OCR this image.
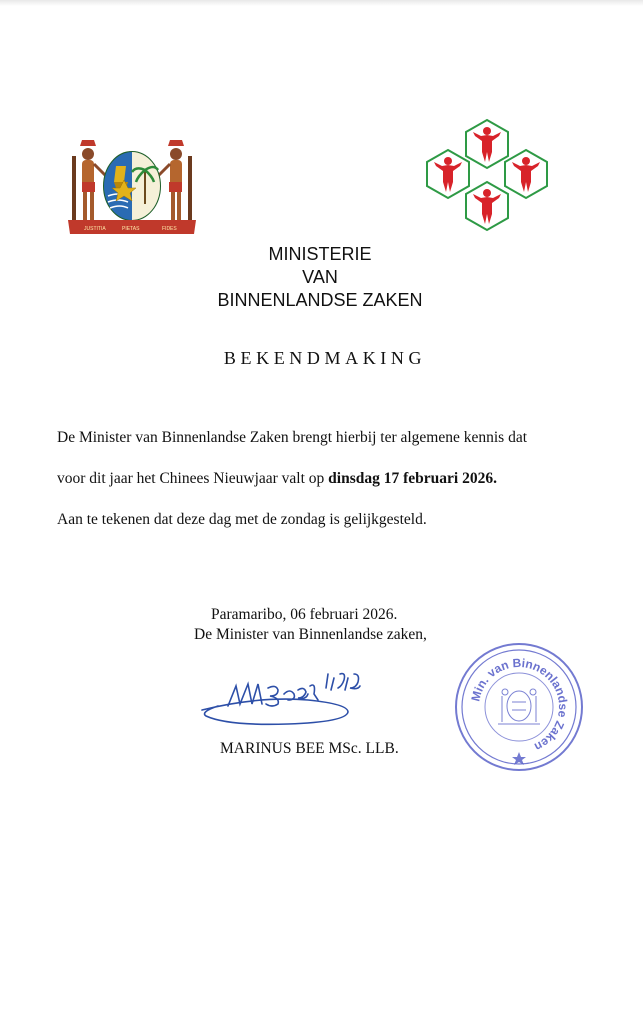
JUSTITIA	PIETAS	FIDES
MINISTERIE
VAN
BINNENLANDSE ZAKEN
BEKENDMAKING
De Minister van Binnenlandse Zaken brengt hierbij ter algemene kennis dat
voor dit jaar het Chinees Nieuwjaar valt op dinsdag 17 februari 2026.
Aan te tekenen dat deze dag met de zondag is gelijkgesteld.
Paramaribo, 06 februari 2026.
De Minister van Binnenlandse zaken,
MARINUS BEE MSc. LLB.
Min. van Binnenlandse Zaken
